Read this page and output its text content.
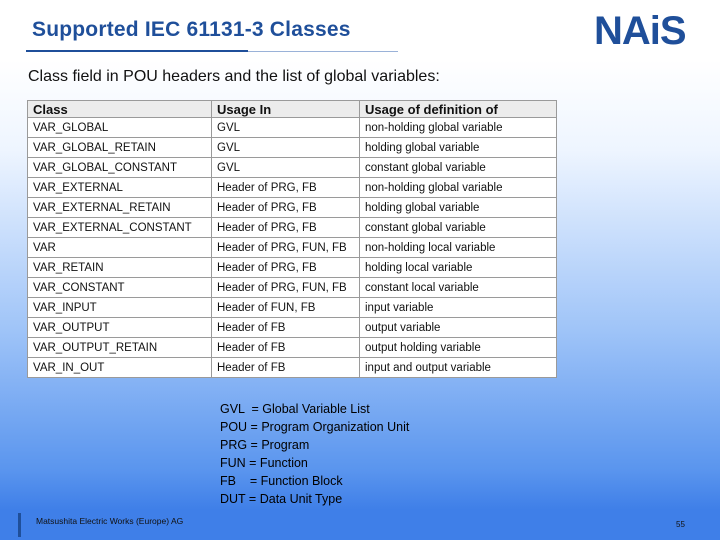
Supported IEC 61131-3 Classes	NAiS
Class field in POU headers and the list of global variables:
Class	Usage In	Usage of definition of
VAR_GLOBAL	GVL	non-holding global variable
VAR_GLOBAL_RETAIN	GVL	holding global variable
VAR_GLOBAL_CONSTANT	GVL	constant global variable
VAR_EXTERNAL	Header of PRG, FB	non-holding global variable
VAR_EXTERNAL_RETAIN	Header of PRG, FB	holding global variable
VAR_EXTERNAL_CONSTANT	Header of PRG, FB	constant global variable
VAR	Header of PRG, FUN, FB	non-holding local variable
VAR_RETAIN	Header of PRG, FB	holding local variable
VAR_CONSTANT	Header of PRG, FUN, FB	constant local variable
VAR_INPUT	Header of FUN, FB	input variable
VAR_OUTPUT	Header of FB	output variable
VAR_OUTPUT_RETAIN	Header of FB	output holding variable
VAR_IN_OUT	Header of FB	input and output variable
GVL  = Global Variable List
POU = Program Organization Unit
PRG = Program
FUN = Function
FB    = Function Block
DUT = Data Unit Type
Matsushita Electric Works (Europe) AG	55
